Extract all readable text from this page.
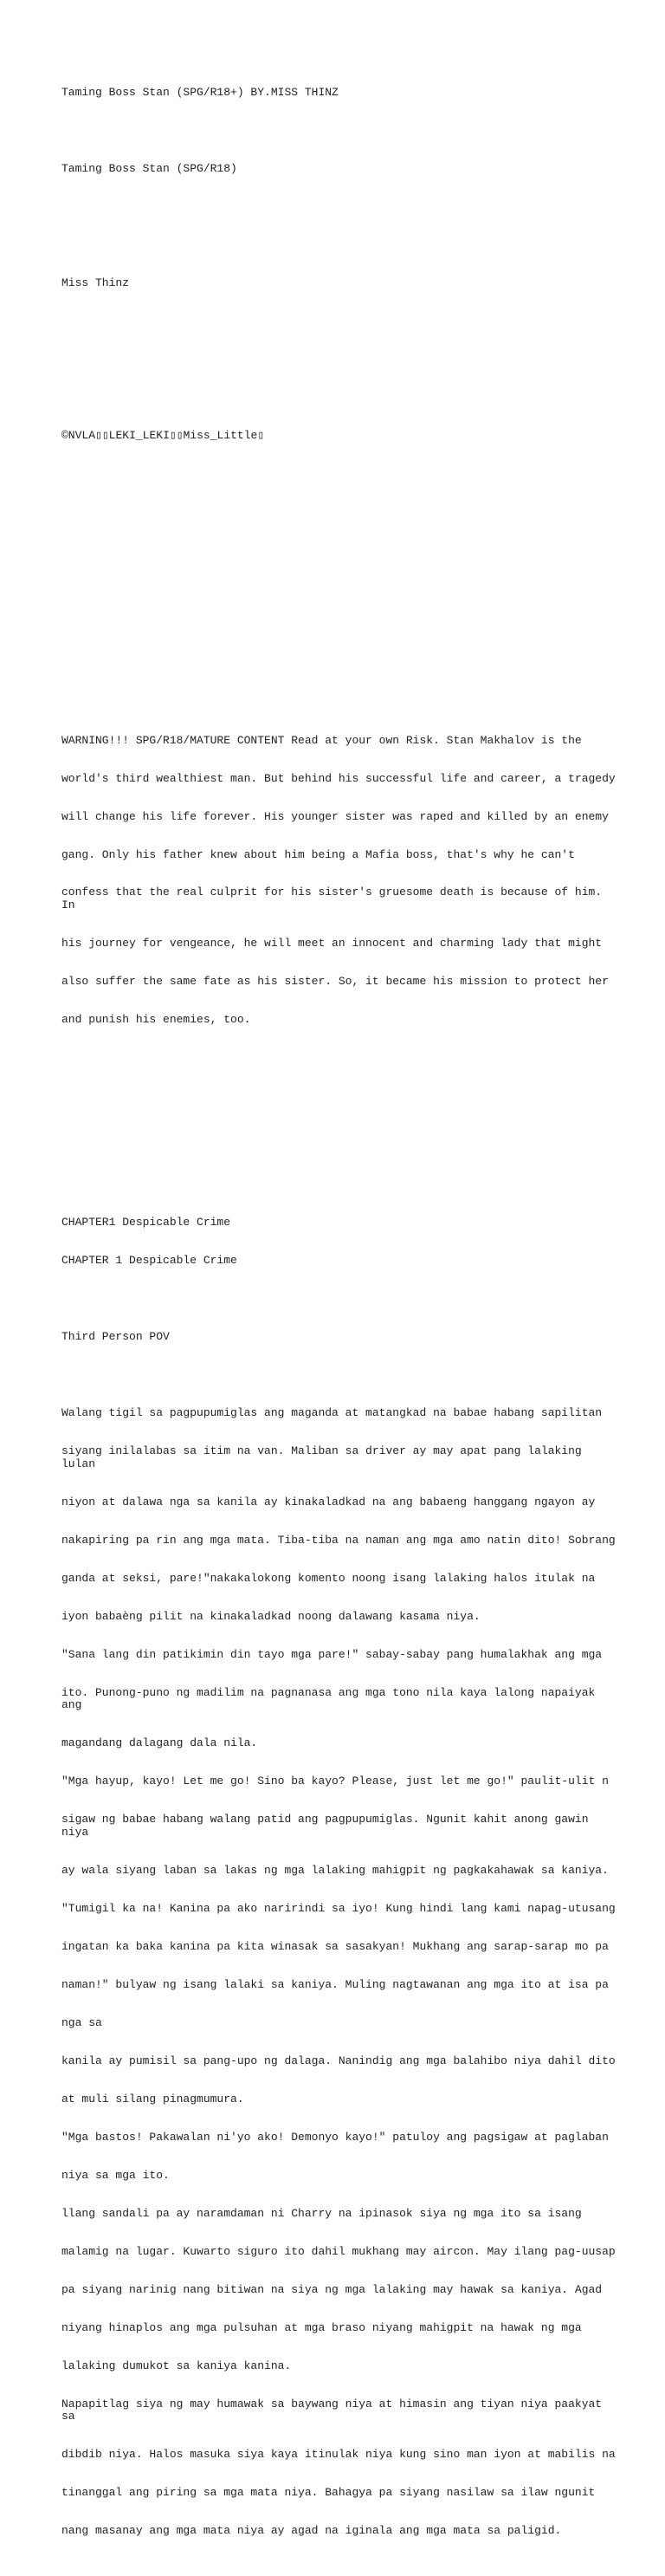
Taming Boss Stan (SPG/R18+) BY.MISS THINZ

Taming Boss Stan (SPG/R18)

Miss Thinz

©NVLA▯▯LEKI_LEKI▯▯Miss_Little▯

WARNING!!! SPG/R18/MATURE CONTENT Read at your own Risk. Stan Makhalov is the

world's third wealthiest man. But behind his successful life and career, a tragedy

will change his life forever. His younger sister was raped and killed by an enemy

gang. Only his father knew about him being a Mafia boss, that's why he can't

confess that the real culprit for his sister's gruesome death is because of him. In

his journey for vengeance, he will meet an innocent and charming lady that might

also suffer the same fate as his sister. So, it became his mission to protect her

and punish his enemies, too.

CHAPTER1 Despicable Crime

CHAPTER 1 Despicable Crime

Third Person POV

Walang tigil sa pagpupumiglas ang maganda at matangkad na babae habang sapilitan

siyang inilalabas sa itim na van. Maliban sa driver ay may apat pang lalaking lulan

niyon at dalawa nga sa kanila ay kinakaladkad na ang babaeng hanggang ngayon ay

nakapiring pa rin ang mga mata. Tiba-tiba na naman ang mga amo natin dito! Sobrang

ganda at seksi, pare!"nakakalokong komento noong isang lalaking halos itulak na

iyon babaèng pilit na kinakaladkad noong dalawang kasama niya.

"Sana lang din patikimin din tayo mga pare!" sabay-sabay pang humalakhak ang mga

ito. Punong-puno ng madilim na pagnanasa ang mga tono nila kaya lalong napaiyak ang

magandang dalagang dala nila.

"Mga hayup, kayo! Let me go! Sino ba kayo? Please, just let me go!" paulit-ulit n

sigaw ng babae habang walang patid ang pagpupumiglas. Ngunit kahit anong gawin niya

ay wala siyang laban sa lakas ng mga lalaking mahigpit ng pagkakahawak sa kaniya.

"Tumigil ka na! Kanina pa ako naririndi sa iyo! Kung hindi lang kami napag-utusang

ingatan ka baka kanina pa kita winasak sa sasakyan! Mukhang ang sarap-sarap mo pa

naman!" bulyaw ng isang lalaki sa kaniya. Muling nagtawanan ang mga ito at isa pa

nga sa

kanila ay pumisil sa pang-upo ng dalaga. Nanindig ang mga balahibo niya dahil dito

at muli silang pinagmumura.

"Mga bastos! Pakawalan ni'yo ako! Demonyo kayo!" patuloy ang pagsigaw at paglaban

niya sa mga ito.

llang sandali pa ay naramdaman ni Charry na ipinasok siya ng mga ito sa isang

malamig na lugar. Kuwarto siguro ito dahil mukhang may aircon. May ilang pag-uusap

pa siyang narinig nang bitiwan na siya ng mga lalaking may hawak sa kaniya. Agad

niyang hinaplos ang mga pulsuhan at mga braso niyang mahigpit na hawak ng mga

lalaking dumukot sa kaniya kanina.

Napapitlag siya ng may humawak sa baywang niya at himasin ang tiyan niya paakyat sa

dibdib niya. Halos masuka siya kaya itinulak niya kung sino man iyon at mabilis na

tinanggal ang piring sa mga mata niya. Bahagya pa siyang nasilaw sa ilaw ngunit

nang masanay ang mga mata niya ay agad na iginala ang mga mata sa paligid.
